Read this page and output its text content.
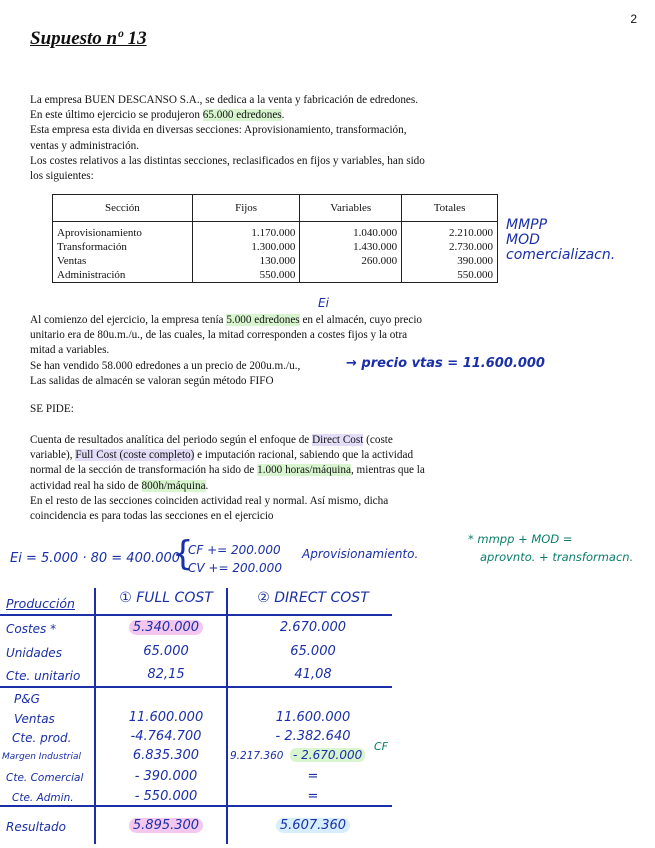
2
Supuesto nº 13

La empresa BUEN DESCANSO S.A., se dedica a la venta y fabricación de edredones.

En este último ejercicio se produjeron 65.000 edredones.

Esta empresa esta divida en diversas secciones: Aprovisionamiento, transformación,

ventas y administración.

Los costes relativos a las distintas secciones, reclasificados en fijos y variables, han sido

los siguientes:

Sección	Fijos	Variables	Totales
Aprovisionamiento	1.170.000	1.040.000	2.210.000
Transformación	1.300.000	1.430.000	2.730.000
Ventas	130.000	260.000	390.000
Administración	550.000		550.000
MMPP
MOD
comercializacn.
Ei

Al comienzo del ejercicio, la empresa tenía 5.000 edredones en el almacén, cuyo precio

unitario era de 80u.m./u., de las cuales, la mitad corresponden a costes fijos y la otra

mitad a variables.

Se han vendido 58.000 edredones a un precio de 200u.m./u.,

Las salidas de almacén se valoran según método FIFO

→ precio vtas = 11.600.000
SE PIDE:

Cuenta de resultados analítica del periodo según el enfoque de Direct Cost (coste

variable), Full Cost (coste completo) e imputación racional, sabiendo que la actividad

normal de la sección de transformación ha sido de 1.000 horas/máquina, mientras que la

actividad real ha sido de 800h/máquina.

En el resto de las secciones coinciden actividad real y normal. Así mismo, dicha

coincidencia es para todas las secciones en el ejercicio

Ei = 5.000 · 80 = 400.000
{
CF += 200.000
CV += 200.000
Aprovisionamiento.
* mmpp + MOD =
aprovnto. + transformacn.
Producción	① FULL COST	② DIRECT COST
Costes *	5.340.000	2.670.000
Unidades	65.000	65.000
Cte. unitario	82,15	41,08
P&G
Ventas	11.600.000	11.600.000
Cte. prod.	-4.764.700	- 2.382.640
Margen Industrial	6.835.300	9.217.360 - 2.670.000
CF
Cte. Comercial	- 390.000	=
Cte. Admin.	- 550.000	=
Resultado	5.895.300	5.607.360
